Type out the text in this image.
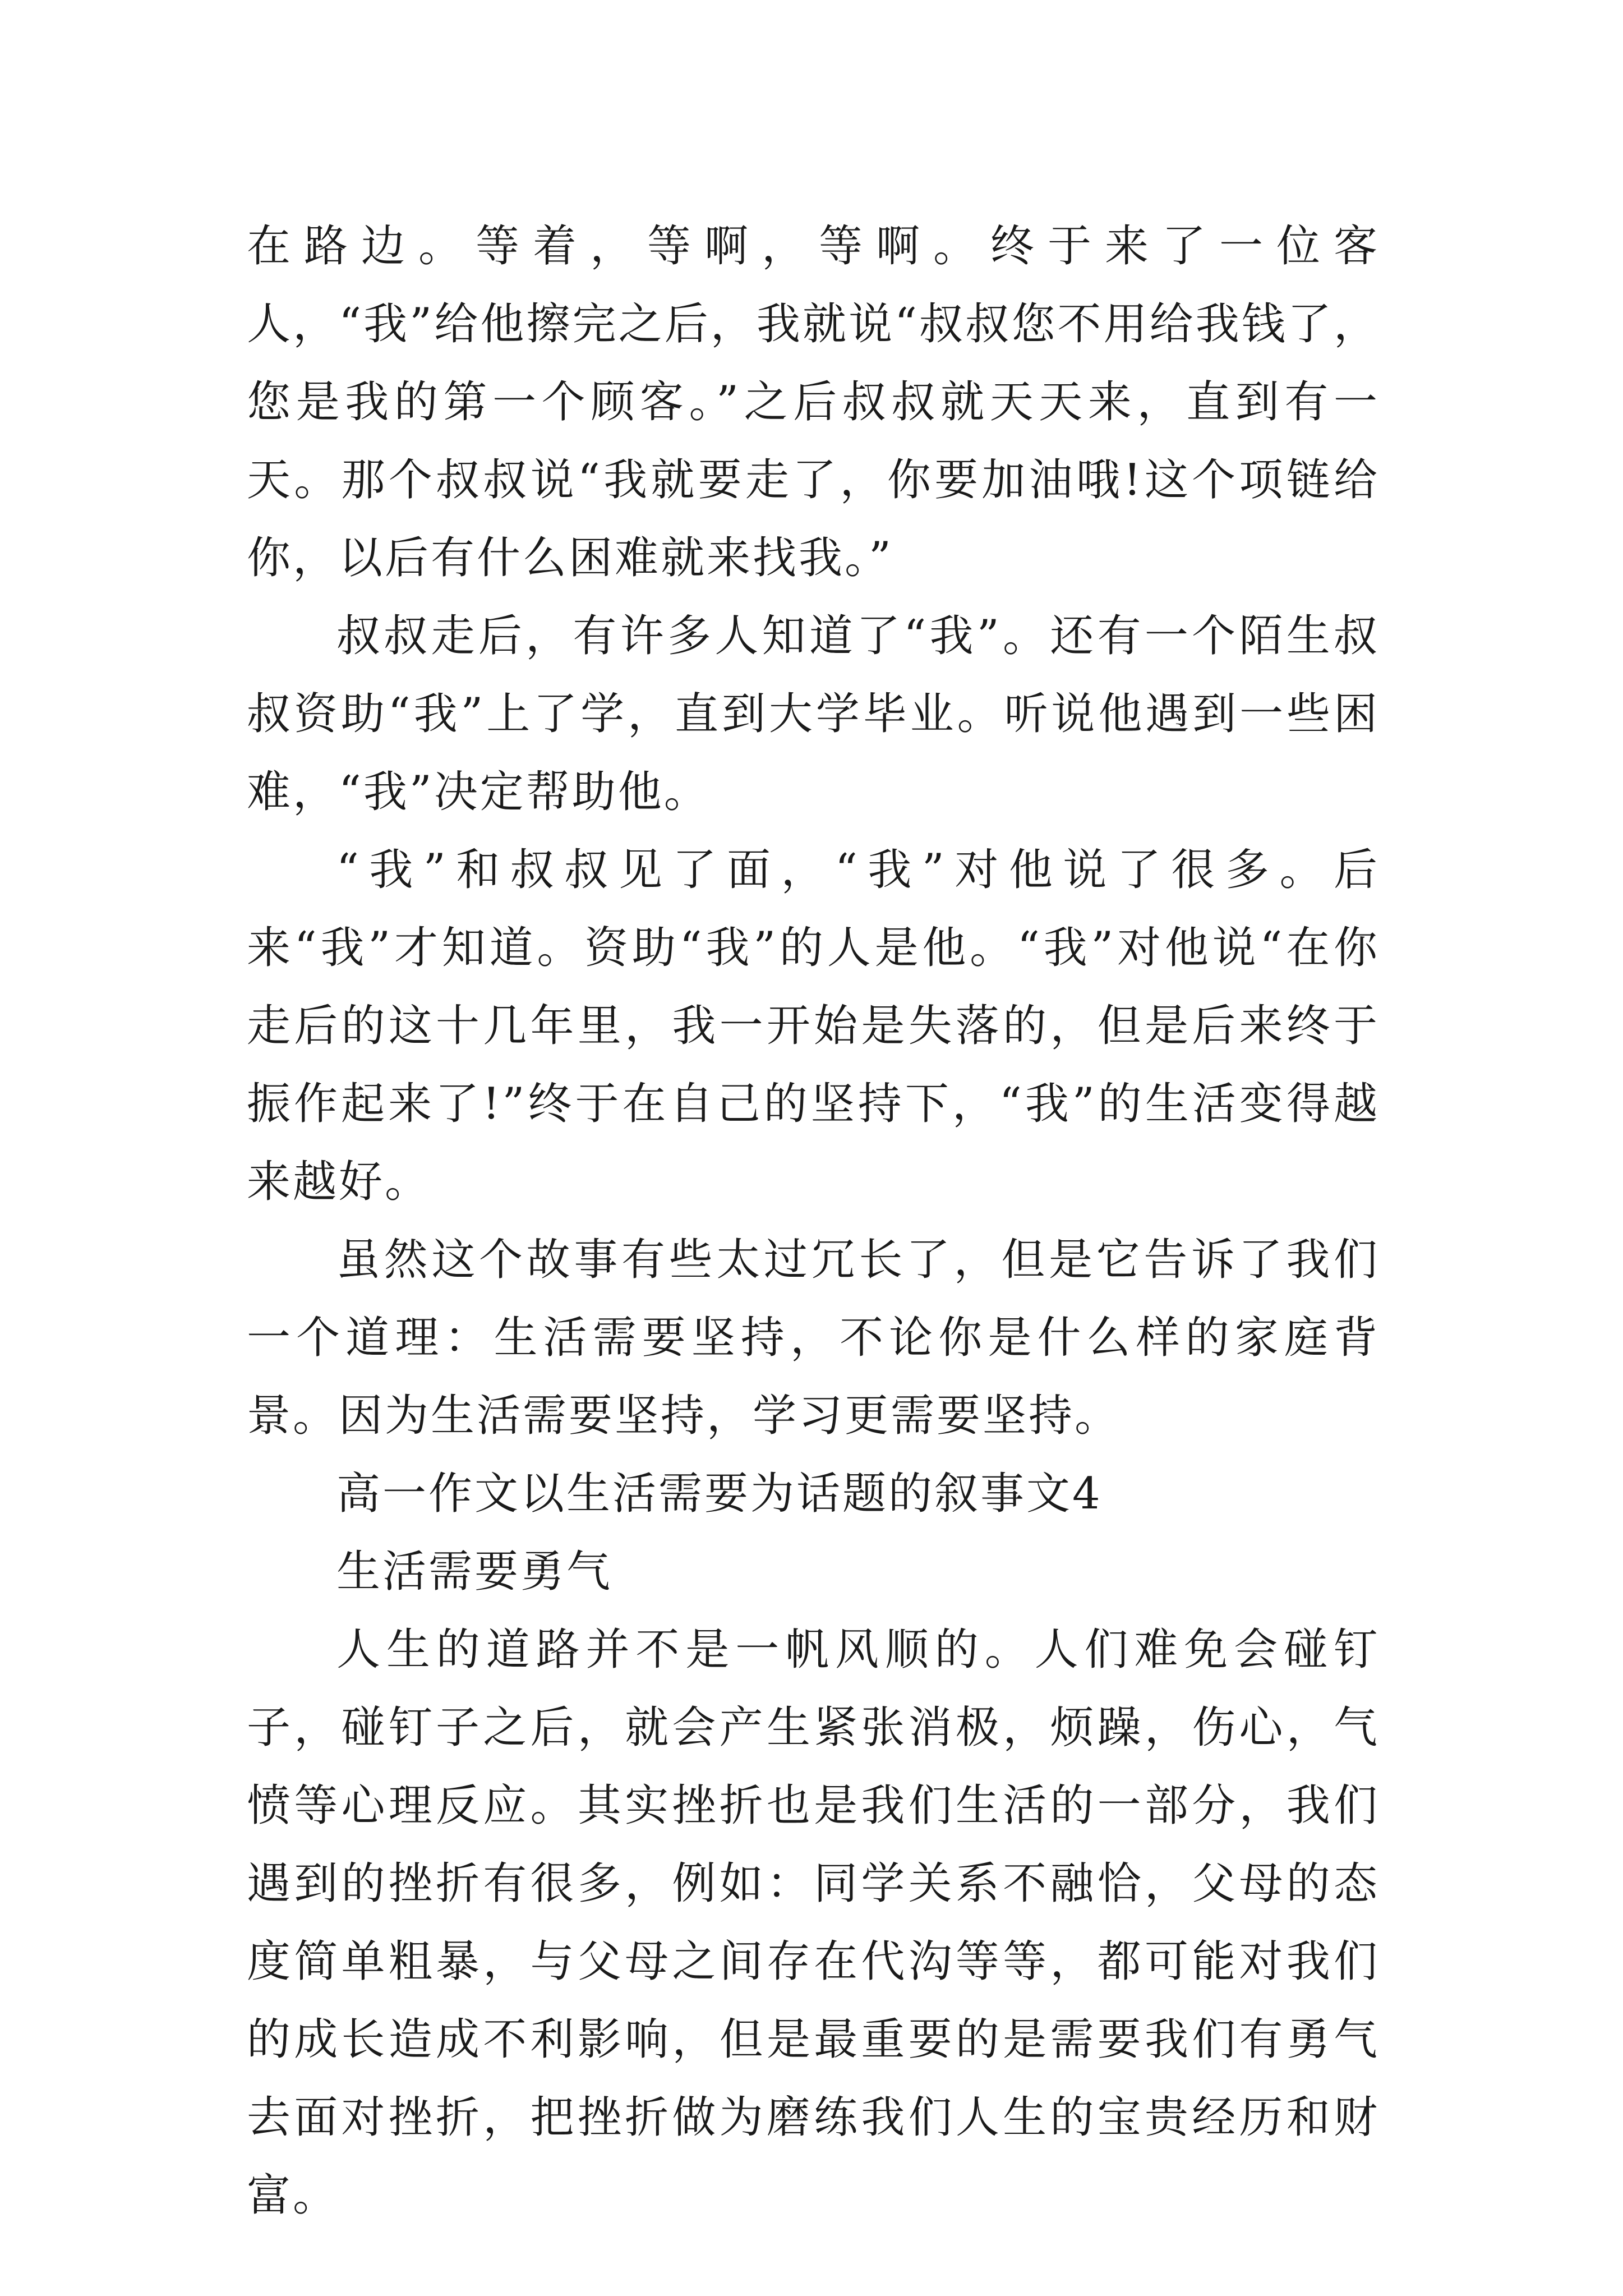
在路边。等着，等啊，等啊。终于来了一位客人，“我”给他擦完之后，我就说“叔叔您不用给我钱了，您是我的第一个顾客。”之后叔叔就天天来，直到有一天。那个叔叔说“我就要走了，你要加油哦!这个项链给你，以后有什么困难就来找我。”

叔叔走后，有许多人知道了“我”。还有一个陌生叔叔资助“我”上了学，直到大学毕业。听说他遇到一些困难，“我”决定帮助他。

“我”和叔叔见了面，“我”对他说了很多。后来“我”才知道。资助“我”的人是他。“我”对他说“在你走后的这十几年里，我一开始是失落的，但是后来终于振作起来了!”终于在自己的坚持下，“我”的生活变得越来越好。

虽然这个故事有些太过冗长了，但是它告诉了我们一个道理：生活需要坚持，不论你是什么样的家庭背景。因为生活需要坚持，学习更需要坚持。

高一作文以生活需要为话题的叙事文4

生活需要勇气

人生的道路并不是一帆风顺的。人们难免会碰钉子，碰钉子之后，就会产生紧张消极，烦躁，伤心，气愤等心理反应。其实挫折也是我们生活的一部分，我们遇到的挫折有很多，例如：同学关系不融恰，父母的态度简单粗暴，与父母之间存在代沟等等，都可能对我们的成长造成不利影响，但是最重要的是需要我们有勇气去面对挫折，把挫折做为磨练我们人生的宝贵经历和财富。
